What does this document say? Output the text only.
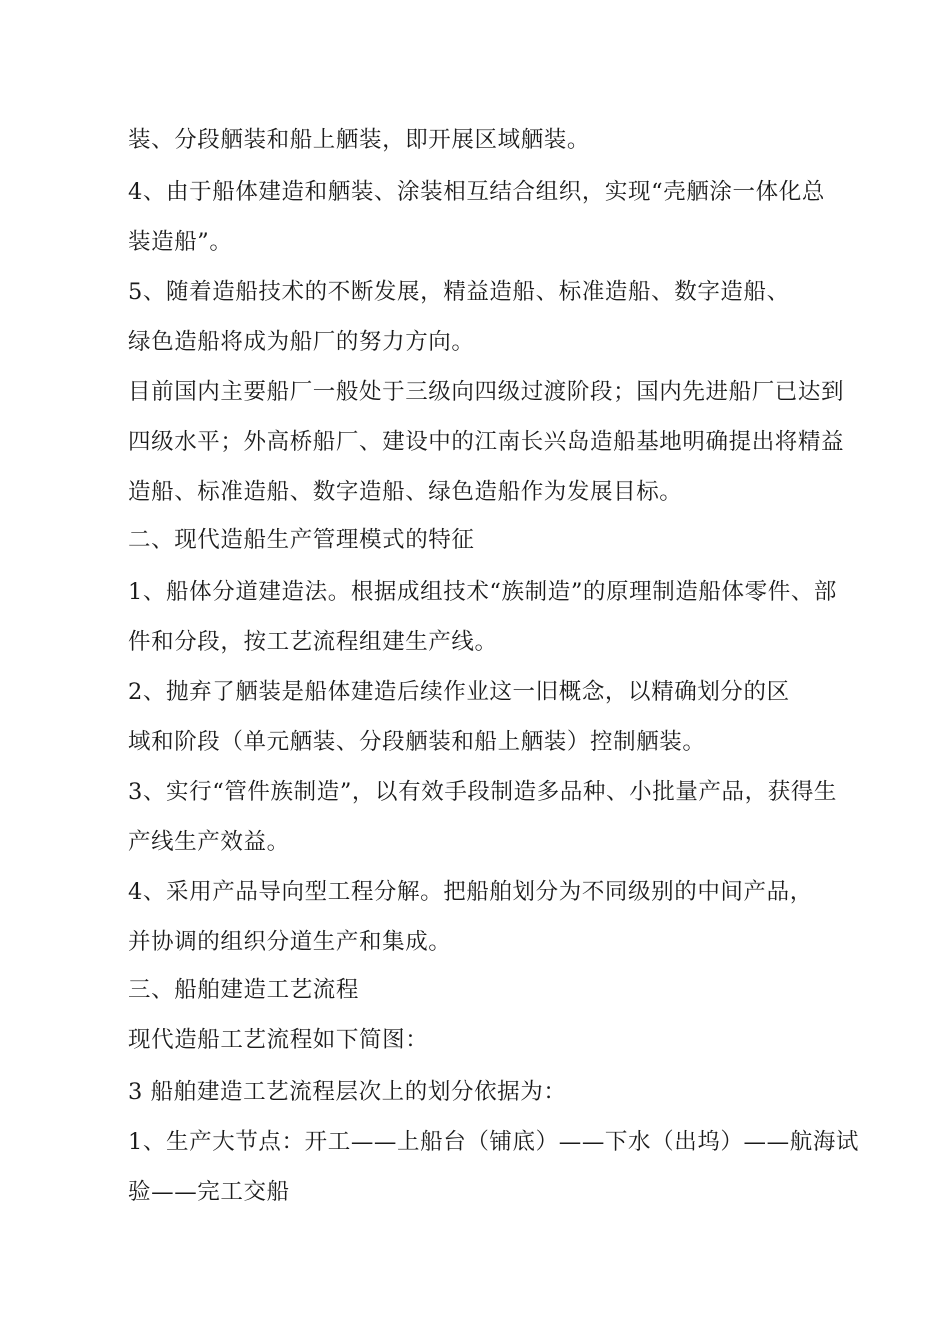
装、分段舾装和船上舾装，即开展区域舾装。
4、由于船体建造和舾装、涂装相互结合组织，实现“壳舾涂一体化总
装造船”。
5、随着造船技术的不断发展，精益造船、标准造船、数字造船、
绿色造船将成为船厂的努力方向。
目前国内主要船厂一般处于三级向四级过渡阶段；国内先进船厂已达到
四级水平；外高桥船厂、建设中的江南长兴岛造船基地明确提出将精益
造船、标准造船、数字造船、绿色造船作为发展目标。
二、现代造船生产管理模式的特征
1、船体分道建造法。根据成组技术“族制造”的原理制造船体零件、部
件和分段，按工艺流程组建生产线。
2、抛弃了舾装是船体建造后续作业这一旧概念，以精确划分的区
域和阶段（单元舾装、分段舾装和船上舾装）控制舾装。
3、实行“管件族制造”，以有效手段制造多品种、小批量产品，获得生
产线生产效益。
4、采用产品导向型工程分解。把船舶划分为不同级别的中间产品，
并协调的组织分道生产和集成。
三、船舶建造工艺流程
现代造船工艺流程如下简图：
3 船舶建造工艺流程层次上的划分依据为：
1、生产大节点：开工——上船台（铺底）——下水（出坞）——航海试
验——完工交船
